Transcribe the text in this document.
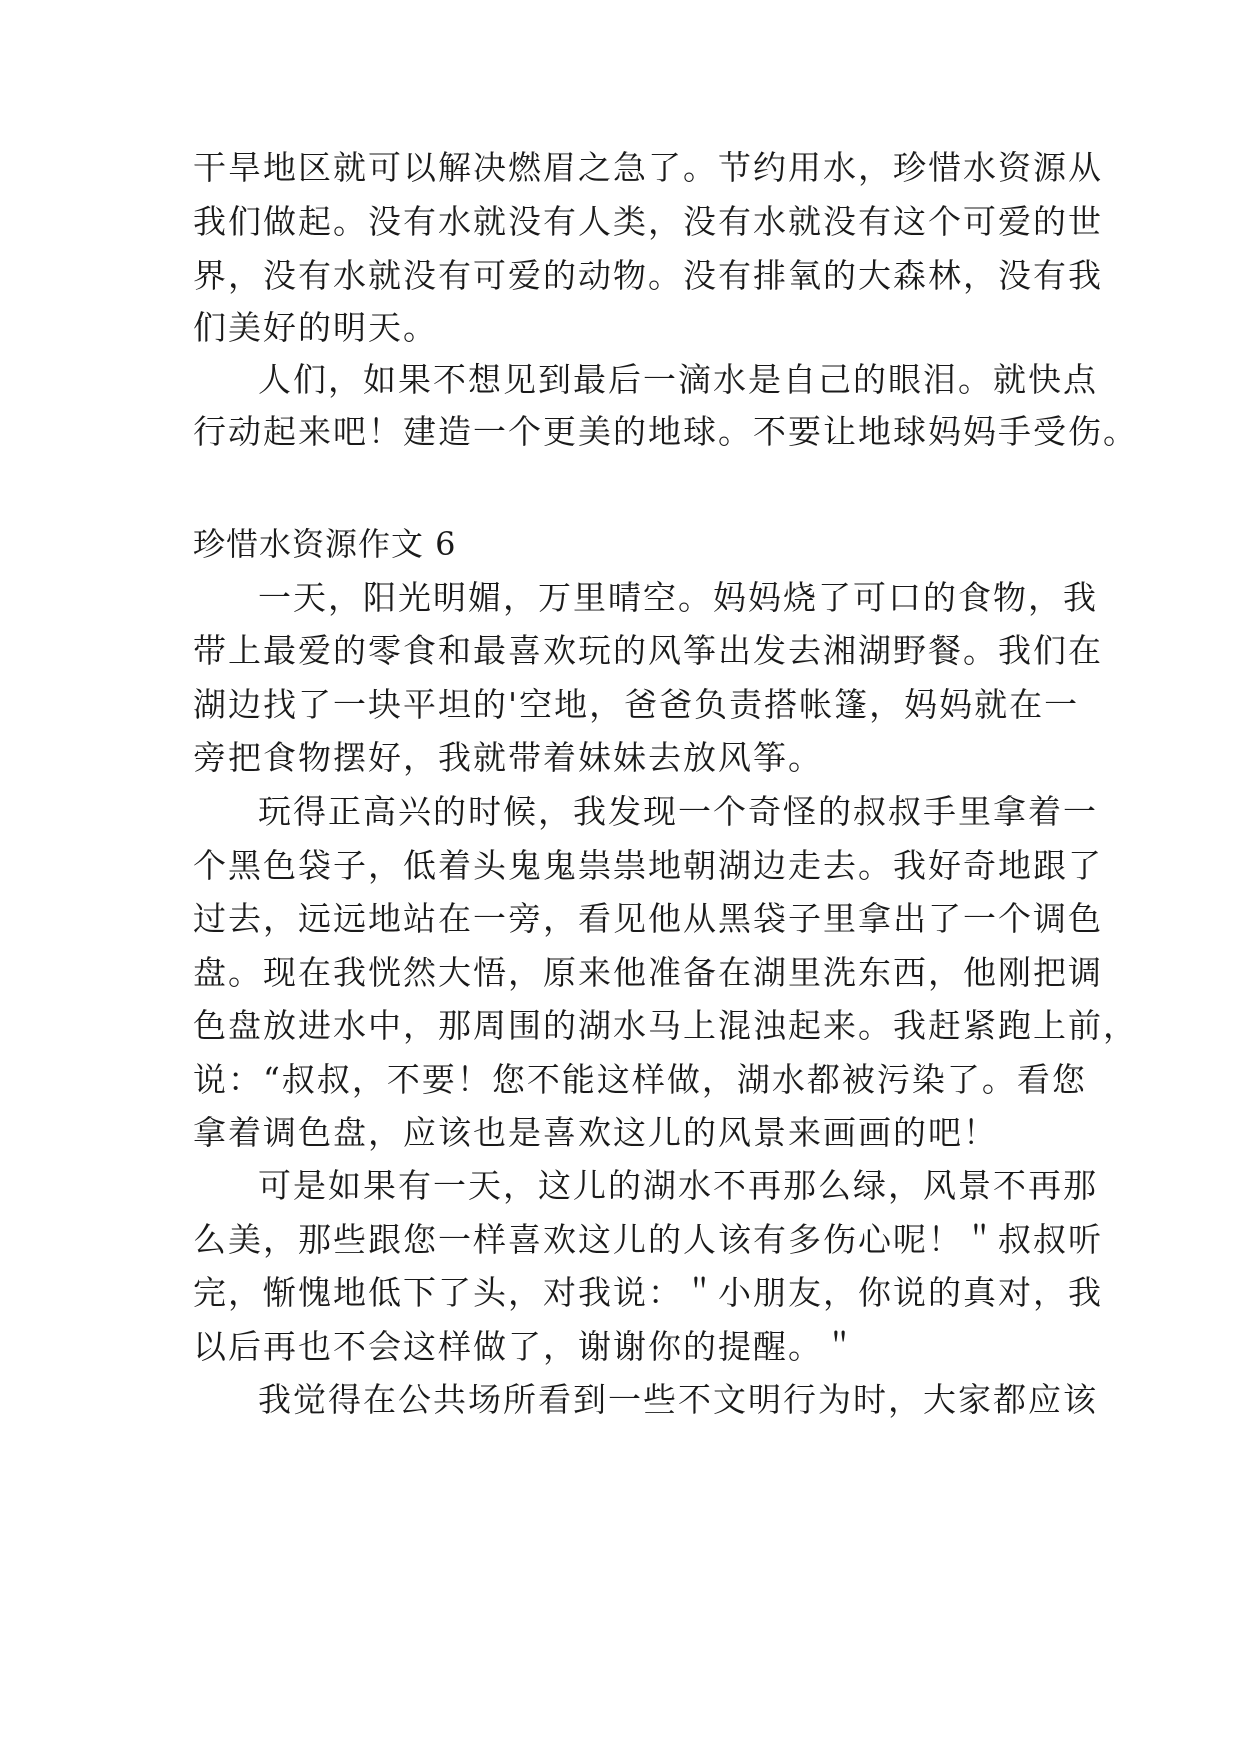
干旱地区就可以解决燃眉之急了。节约用水，珍惜水资源从
我们做起。没有水就没有人类，没有水就没有这个可爱的世
界，没有水就没有可爱的动物。没有排氧的大森林，没有我
们美好的明天。
人们，如果不想见到最后一滴水是自己的眼泪。就快点
行动起来吧！建造一个更美的地球。不要让地球妈妈手受伤。
珍惜水资源作文 6
一天，阳光明媚，万里晴空。妈妈烧了可口的食物，我
带上最爱的零食和最喜欢玩的风筝出发去湘湖野餐。我们在
湖边找了一块平坦的'空地，爸爸负责搭帐篷，妈妈就在一
旁把食物摆好，我就带着妹妹去放风筝。
玩得正高兴的时候，我发现一个奇怪的叔叔手里拿着一
个黑色袋子，低着头鬼鬼祟祟地朝湖边走去。我好奇地跟了
过去，远远地站在一旁，看见他从黑袋子里拿出了一个调色
盘。现在我恍然大悟，原来他准备在湖里洗东西，他刚把调
色盘放进水中，那周围的湖水马上混浊起来。我赶紧跑上前，
说：“叔叔，不要！您不能这样做，湖水都被污染了。看您
拿着调色盘，应该也是喜欢这儿的风景来画画的吧！
可是如果有一天，这儿的湖水不再那么绿，风景不再那
么美，那些跟您一样喜欢这儿的人该有多伤心呢！＂叔叔听
完，惭愧地低下了头，对我说：＂小朋友，你说的真对，我
以后再也不会这样做了，谢谢你的提醒。＂
我觉得在公共场所看到一些不文明行为时，大家都应该
